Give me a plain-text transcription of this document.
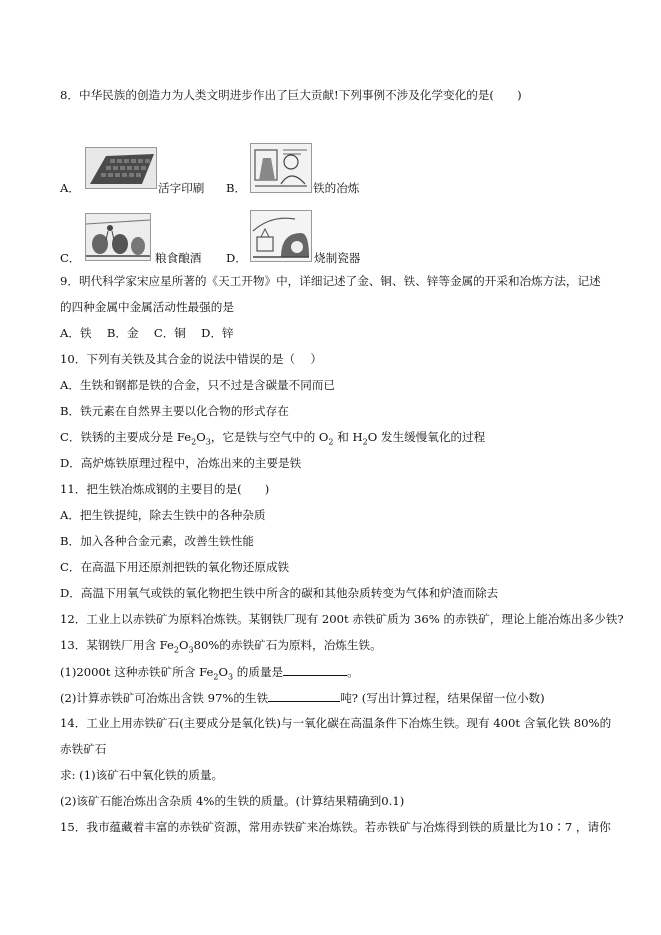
8．中华民族的创造力为人类文明进步作出了巨大贡献!下列事例不涉及化学变化的是(　　)
A．	活字印刷 B．	铁的冶炼
C．	粮食酿酒 D．	烧制瓷器
9．明代科学家宋应星所著的《天工开物》中，详细记述了金、铜、铁、锌等金属的开采和冶炼方法，记述
的四种金属中金属活动性最强的是
A．铁　 B．金　 C．铜　 D．锌
10．下列有关铁及其合金的说法中错误的是（　 ）
A．生铁和钢都是铁的合金，只不过是含碳量不同而已
B．铁元素在自然界主要以化合物的形式存在
C．铁锈的主要成分是 $Fe_2O_3$，它是铁与空气中的 $O_2$ 和 $H_2O$ 发生缓慢氧化的过程
D．高炉炼铁原理过程中，冶炼出来的主要是铁
11．把生铁冶炼成钢的主要目的是(　　)
A．把生铁提纯，除去生铁中的各种杂质
B．加入各种合金元素，改善生铁性能
C．在高温下用还原剂把铁的氧化物还原成铁
D．高温下用氧气或铁的氧化物把生铁中所含的碳和其他杂质转变为气体和炉渣而除去
12．工业上以赤铁矿为原料冶炼铁。某钢铁厂现有 200t 赤铁矿质为 36% 的赤铁矿，理论上能冶炼出多少铁?
13．某钢铁厂用含 $Fe_2O_380\%$的赤铁矿石为原料，冶炼生铁。
(1)2000t 这种赤铁矿所含 $Fe_2O_3$ 的质量是	。
(2)计算赤铁矿可冶炼出含铁 97%的生铁	吨? (写出计算过程，结果保留一位小数)
14．工业上用赤铁矿石(主要成分是氧化铁)与一氧化碳在高温条件下冶炼生铁。现有 400t 含氧化铁 80%的
赤铁矿石
求: (1)该矿石中氧化铁的质量。
(2)该矿石能冶炼出含杂质 4%的生铁的质量。(计算结果精确到0.1)
15．我市蕴藏着丰富的赤铁矿资源，常用赤铁矿来冶炼铁。若赤铁矿与冶炼得到铁的质量比为10∶7 ，请你
